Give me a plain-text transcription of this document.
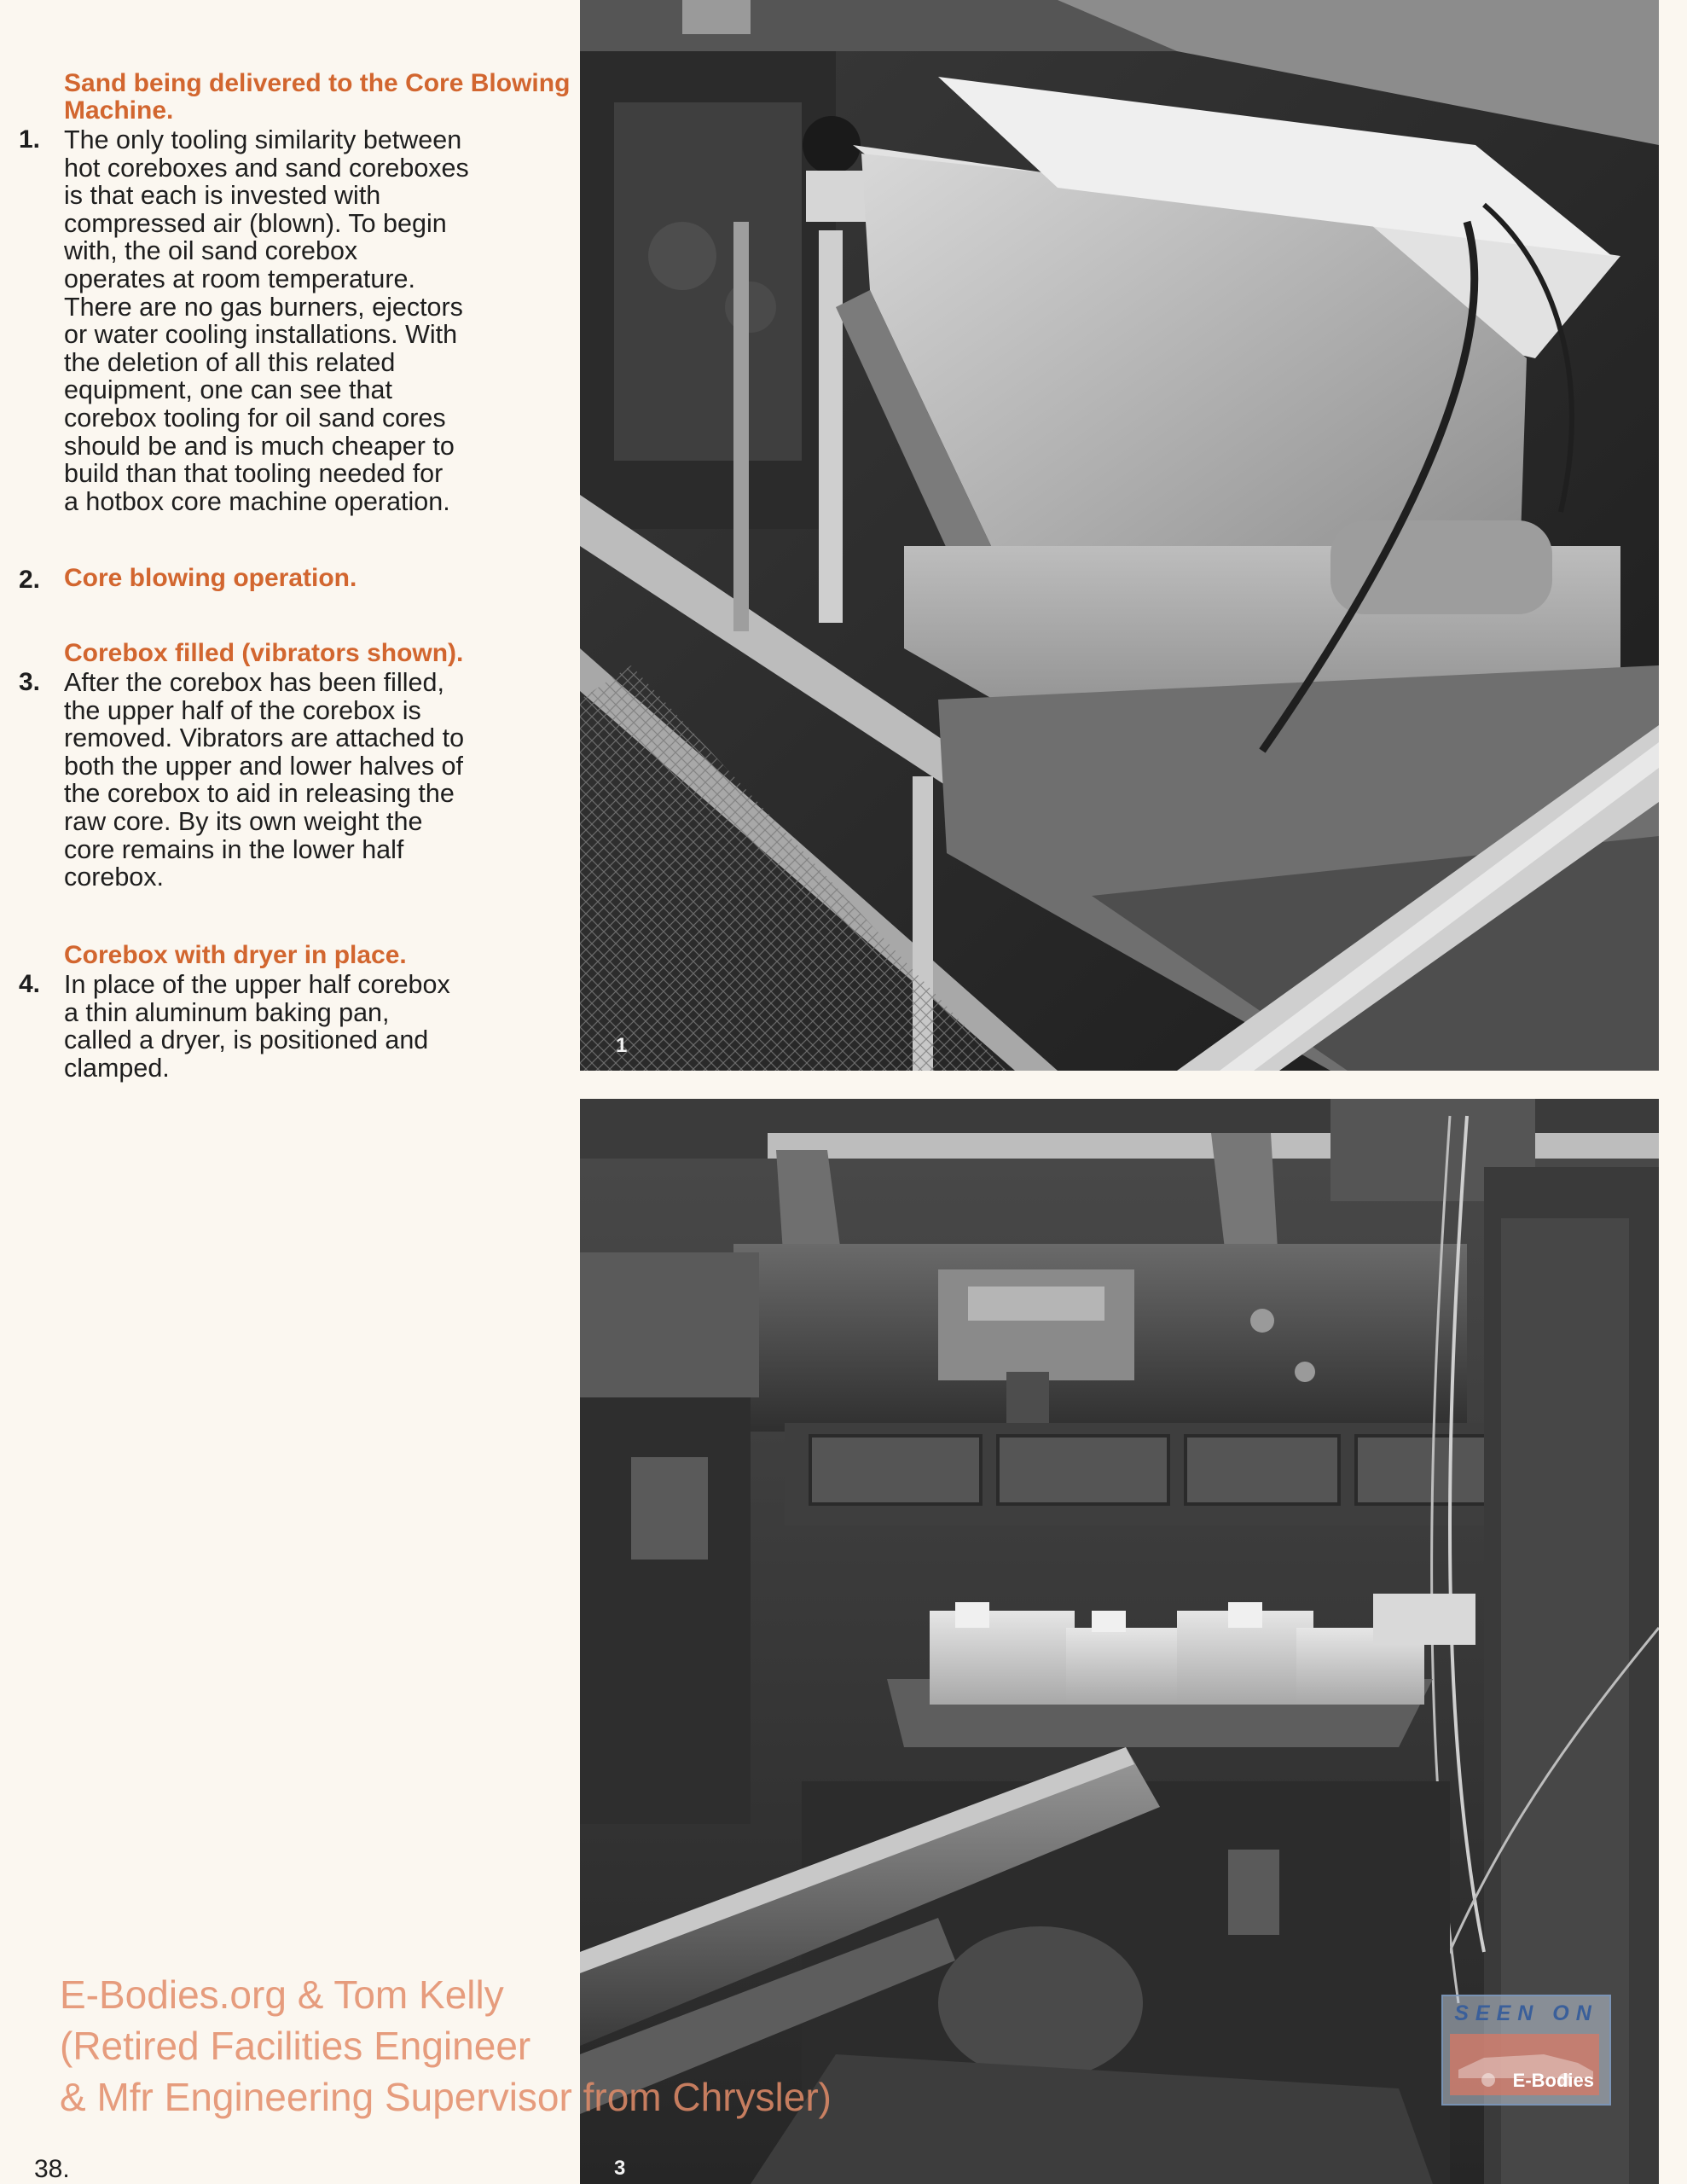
Sand being delivered to the Core Blowing Machine.
1. The only tooling similarity between
hot coreboxes and sand coreboxes
is that each is invested with
compressed air (blown). To begin
with, the oil sand corebox
operates at room temperature.
There are no gas burners, ejectors
or water cooling installations. With
the deletion of all this related
equipment, one can see that
corebox tooling for oil sand cores
should be and is much cheaper to
build than that tooling needed for
a hotbox core machine operation.
2. Core blowing operation.
Corebox filled (vibrators shown).
3. After the corebox has been filled,
the upper half of the corebox is
removed. Vibrators are attached to
both the upper and lower halves of
the corebox to aid in releasing the
raw core. By its own weight the
core remains in the lower half
corebox.
Corebox with dryer in place.
4. In place of the upper half corebox
a thin aluminum baking pan,
called a dryer, is positioned and
clamped.
1
3
E-Bodies.org & Tom Kelly
(Retired Facilities Engineer
& Mfr Engineering Supervisor from Chrysler)
SEEN ON
E-Bodies
38.
